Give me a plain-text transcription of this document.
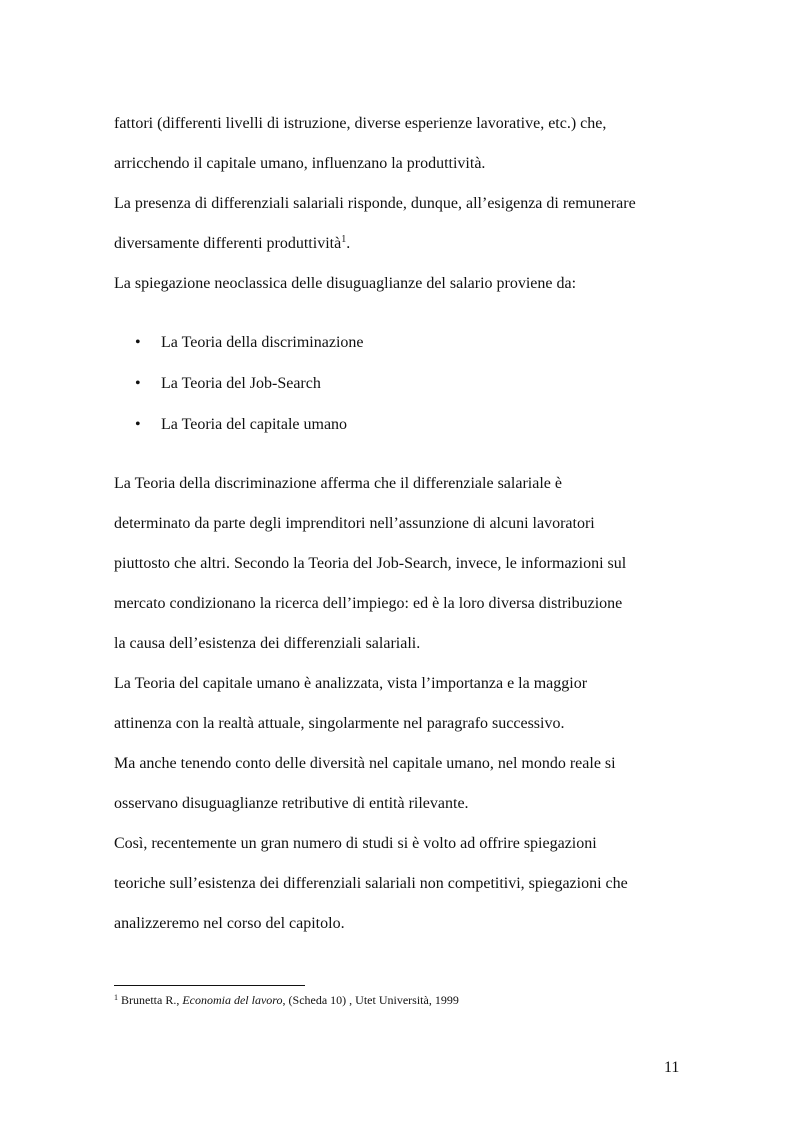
fattori (differenti livelli di istruzione, diverse esperienze lavorative, etc.) che,
arricchendo il capitale umano, influenzano la produttività.
La presenza di differenziali salariali risponde, dunque, all’esigenza di remunerare
diversamente differenti produttività$^1$.
La spiegazione neoclassica delle disuguaglianze del salario proviene da:
• La Teoria della discriminazione
• La Teoria del Job-Search
• La Teoria del capitale umano
La Teoria della discriminazione afferma che il differenziale salariale è
determinato da parte degli imprenditori nell’assunzione di alcuni lavoratori
piuttosto che altri. Secondo la Teoria del Job-Search, invece, le informazioni sul
mercato condizionano la ricerca dell’impiego: ed è la loro diversa distribuzione
la causa dell’esistenza dei differenziali salariali.
La Teoria del capitale umano è analizzata, vista l’importanza e la maggior
attinenza con la realtà attuale, singolarmente nel paragrafo successivo.
Ma anche tenendo conto delle diversità nel capitale umano, nel mondo reale si
osservano disuguaglianze retributive di entità rilevante.
Così, recentemente un gran numero di studi si è volto ad offrire spiegazioni
teoriche sull’esistenza dei differenziali salariali non competitivi, spiegazioni che
analizzeremo nel corso del capitolo.
$^1$ Brunetta R., Economia del lavoro, (Scheda 10) , Utet Università, 1999
11
